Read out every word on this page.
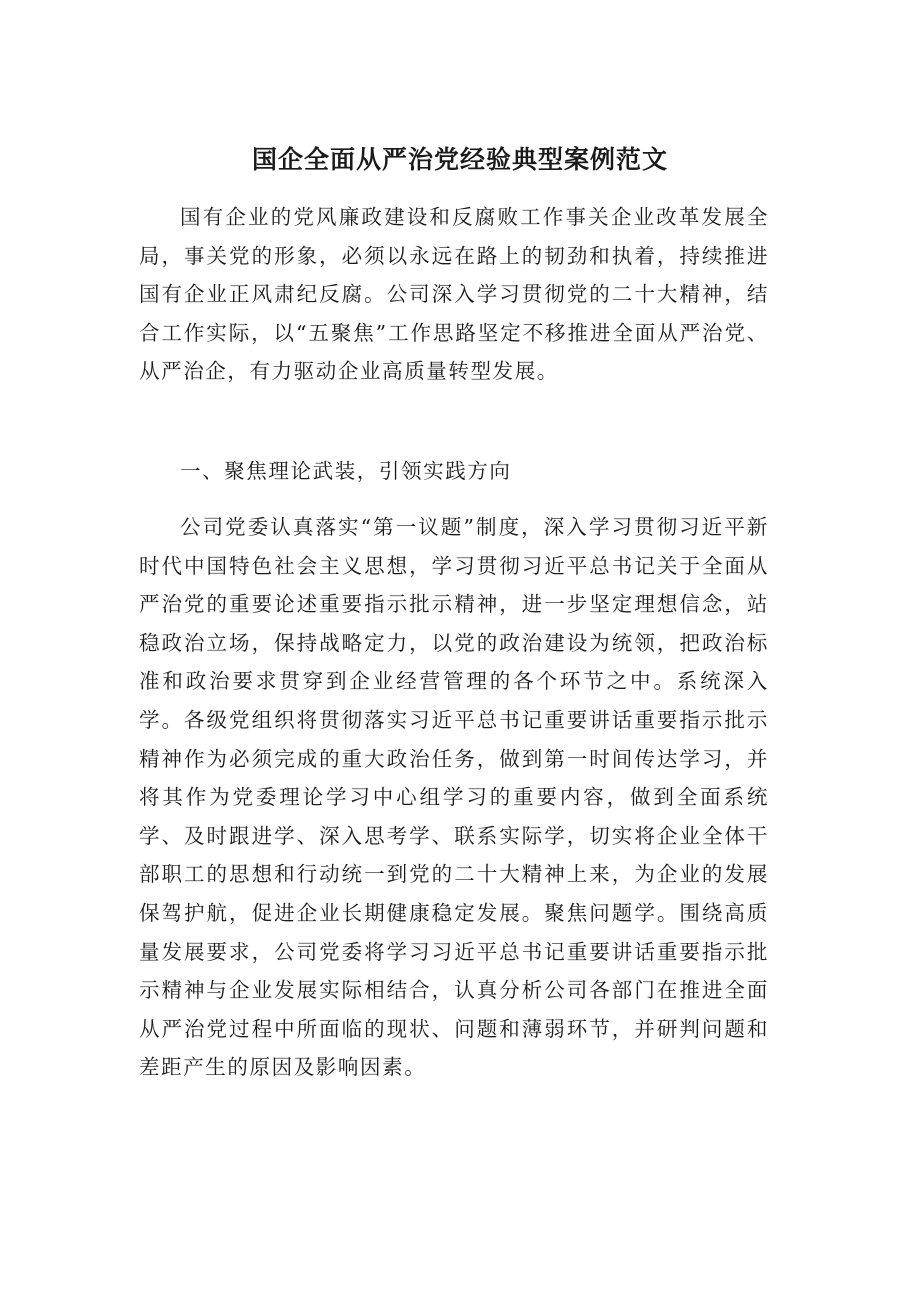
国企全面从严治党经验典型案例范文

国有企业的党风廉政建设和反腐败工作事关企业改革发展全局，事关党的形象，必须以永远在路上的韧劲和执着，持续推进国有企业正风肃纪反腐。公司深入学习贯彻党的二十大精神，结合工作实际，以“五聚焦”工作思路坚定不移推进全面从严治党、从严治企，有力驱动企业高质量转型发展。

一、聚焦理论武装，引领实践方向

公司党委认真落实“第一议题”制度，深入学习贯彻习近平新时代中国特色社会主义思想，学习贯彻习近平总书记关于全面从严治党的重要论述重要指示批示精神，进一步坚定理想信念，站稳政治立场，保持战略定力，以党的政治建设为统领，把政治标准和政治要求贯穿到企业经营管理的各个环节之中。系统深入学。各级党组织将贯彻落实习近平总书记重要讲话重要指示批示精神作为必须完成的重大政治任务，做到第一时间传达学习，并将其作为党委理论学习中心组学习的重要内容，做到全面系统学、及时跟进学、深入思考学、联系实际学，切实将企业全体干部职工的思想和行动统一到党的二十大精神上来，为企业的发展保驾护航，促进企业长期健康稳定发展。聚焦问题学。围绕高质量发展要求，公司党委将学习习近平总书记重要讲话重要指示批示精神与企业发展实际相结合，认真分析公司各部门在推进全面从严治党过程中所面临的现状、问题和薄弱环节，并研判问题和差距产生的原因及影响因素。
